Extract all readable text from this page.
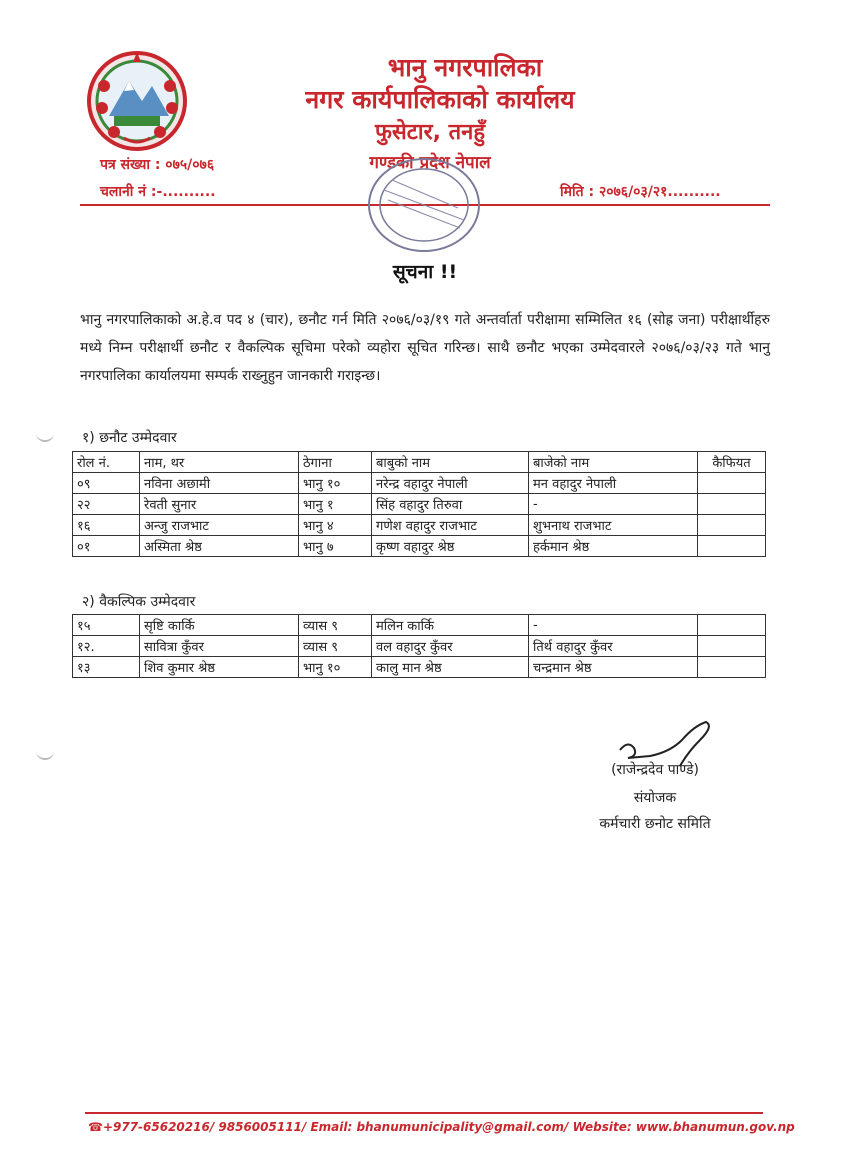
भानु नगरपालिका
नगर कार्यपालिकाको कार्यालय
फुसेटार, तनहुँ
गण्डकी प्रदेश नेपाल
पत्र संख्या : ०७५/०७६
चलानी नं :-..........	मिति : २०७६/०३/२१..........
सूचना !!
भानु नगरपालिकाको अ.हे.व पद ४ (चार), छनौट गर्न मिति २०७६/०३/१९ गते अन्तर्वार्ता परीक्षामा सम्मिलित १६ (सोह्र जना) परीक्षार्थीहरु मध्ये निम्न परीक्षार्थी छनौट र वैकल्पिक सूचिमा परेको व्यहोरा सूचित गरिन्छ। साथै छनौट भएका उम्मेदवारले २०७६/०३/२३ गते भानु नगरपालिका कार्यालयमा सम्पर्क राख्नुहुन जानकारी गराइन्छ।
१) छनौट उम्मेदवार
रोल नं.	नाम, थर	ठेगाना	बाबुको नाम	बाजेको नाम	कैफियत
०९	नविना अछामी	भानु १०	नरेन्द्र वहादुर नेपाली	मन वहादुर नेपाली	
२२	रेवती सुनार	भानु १	सिंह वहादुर तिरुवा	-	
१६	अन्जु राजभाट	भानु ४	गणेश वहादुर राजभाट	शुभनाथ राजभाट	
०१	अस्मिता श्रेष्ठ	भानु ७	कृष्ण वहादुर श्रेष्ठ	हर्कमान श्रेष्ठ	
२) वैकल्पिक उम्मेदवार
१५	सृष्टि कार्कि	व्यास ९	मलिन कार्कि	-	
१२.	सावित्रा कुँवर	व्यास ९	वल वहादुर कुँवर	तिर्थ वहादुर कुँवर	
१३	शिव कुमार श्रेष्ठ	भानु १०	कालु मान श्रेष्ठ	चन्द्रमान श्रेष्ठ	
(राजेन्द्रदेव पाण्डे)
संयोजक
कर्मचारी छनोट समिति
☎+977-65620216/ 9856005111/ Email: bhanumunicipality@gmail.com/ Website: www.bhanumun.gov.np
